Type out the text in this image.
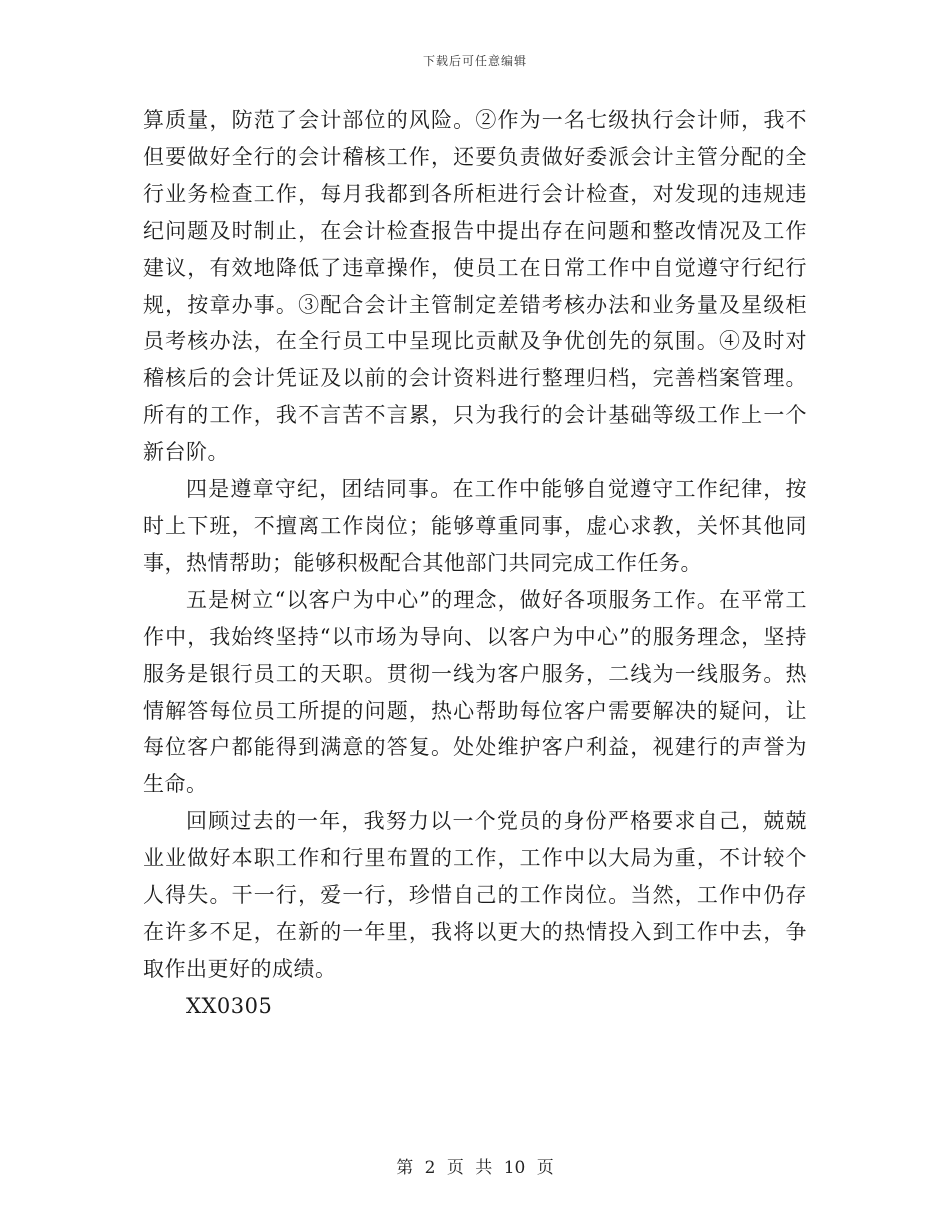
下载后可任意编辑

算质量，防范了会计部位的风险。②作为一名七级执行会计师，我不但要做好全行的会计稽核工作，还要负责做好委派会计主管分配的全行业务检查工作，每月我都到各所柜进行会计检查，对发现的违规违纪问题及时制止，在会计检查报告中提出存在问题和整改情况及工作建议，有效地降低了违章操作，使员工在日常工作中自觉遵守行纪行规，按章办事。③配合会计主管制定差错考核办法和业务量及星级柜员考核办法，在全行员工中呈现比贡献及争优创先的氛围。④及时对稽核后的会计凭证及以前的会计资料进行整理归档，完善档案管理。所有的工作，我不言苦不言累，只为我行的会计基础等级工作上一个新台阶。

四是遵章守纪，团结同事。在工作中能够自觉遵守工作纪律，按时上下班，不擅离工作岗位；能够尊重同事，虚心求教，关怀其他同事，热情帮助；能够积极配合其他部门共同完成工作任务。

五是树立“以客户为中心”的理念，做好各项服务工作。在平常工作中，我始终坚持“以市场为导向、以客户为中心”的服务理念，坚持服务是银行员工的天职。贯彻一线为客户服务，二线为一线服务。热情解答每位员工所提的问题，热心帮助每位客户需要解决的疑问，让每位客户都能得到满意的答复。处处维护客户利益，视建行的声誉为生命。

回顾过去的一年，我努力以一个党员的身份严格要求自己，兢兢业业做好本职工作和行里布置的工作，工作中以大局为重，不计较个人得失。干一行，爱一行，珍惜自己的工作岗位。当然，工作中仍存在许多不足，在新的一年里，我将以更大的热情投入到工作中去，争取作出更好的成绩。

XX0305

第 2 页 共 10 页
